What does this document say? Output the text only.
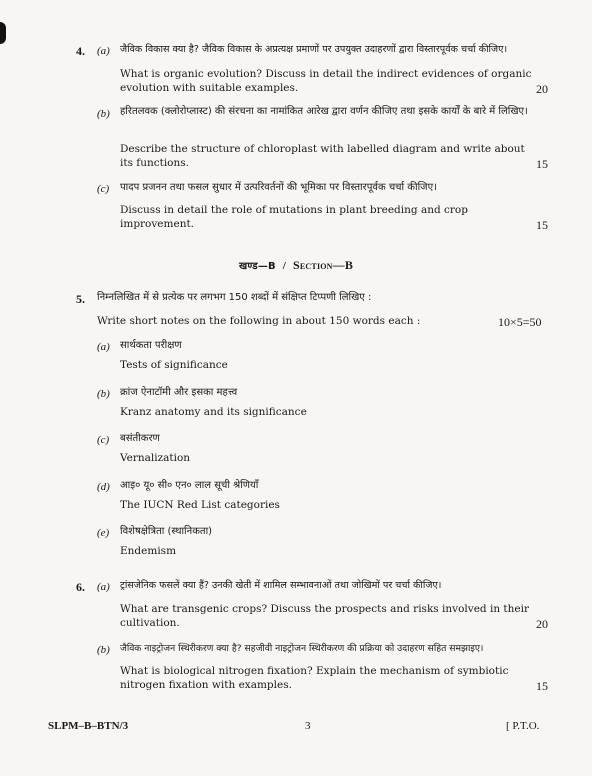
4. (a) जैविक विकास क्या है? जैविक विकास के अप्रत्यक्ष प्रमाणों पर उपयुक्त उदाहरणों द्वारा विस्तारपूर्वक चर्चा कीजिए।
What is organic evolution? Discuss in detail the indirect evidences of organic evolution with suitable examples.	20
(b) हरितलवक (क्लोरोप्लास्ट) की संरचना का नामांकित आरेख द्वारा वर्णन कीजिए तथा इसके कार्यों के बारे में लिखिए।
Describe the structure of chloroplast with labelled diagram and write about its functions.	15
(c) पादप प्रजनन तथा फसल सुधार में उत्परिवर्तनों की भूमिका पर विस्तारपूर्वक चर्चा कीजिए।
Discuss in detail the role of mutations in plant breeding and crop improvement.	15
खण्ड—B / Section—B
5. निम्नलिखित में से प्रत्येक पर लगभग 150 शब्दों में संक्षिप्त टिप्पणी लिखिए :
Write short notes on the following in about 150 words each :	10×5=50
(a) सार्थकता परीक्षण
Tests of significance
(b) क्रांज ऐनाटॉमी और इसका महत्त्व
Kranz anatomy and its significance
(c) बसंतीकरण
Vernalization
(d) आइ० यू० सी० एन० लाल सूची श्रेणियाँ
The IUCN Red List categories
(e) विशेषक्षेत्रिता (स्थानिकता)
Endemism
6. (a) ट्रांसजेनिक फसलें क्या हैं? उनकी खेती में शामिल सम्भावनाओं तथा जोखिमों पर चर्चा कीजिए।
What are transgenic crops? Discuss the prospects and risks involved in their cultivation.	20
(b) जैविक नाइट्रोजन स्थिरीकरण क्या है? सहजीवी नाइट्रोजन स्थिरीकरण की प्रक्रिया को उदाहरण सहित समझाइए।
What is biological nitrogen fixation? Explain the mechanism of symbiotic nitrogen fixation with examples.	15
SLPM–B–BTN/3	3	[ P.T.O.
